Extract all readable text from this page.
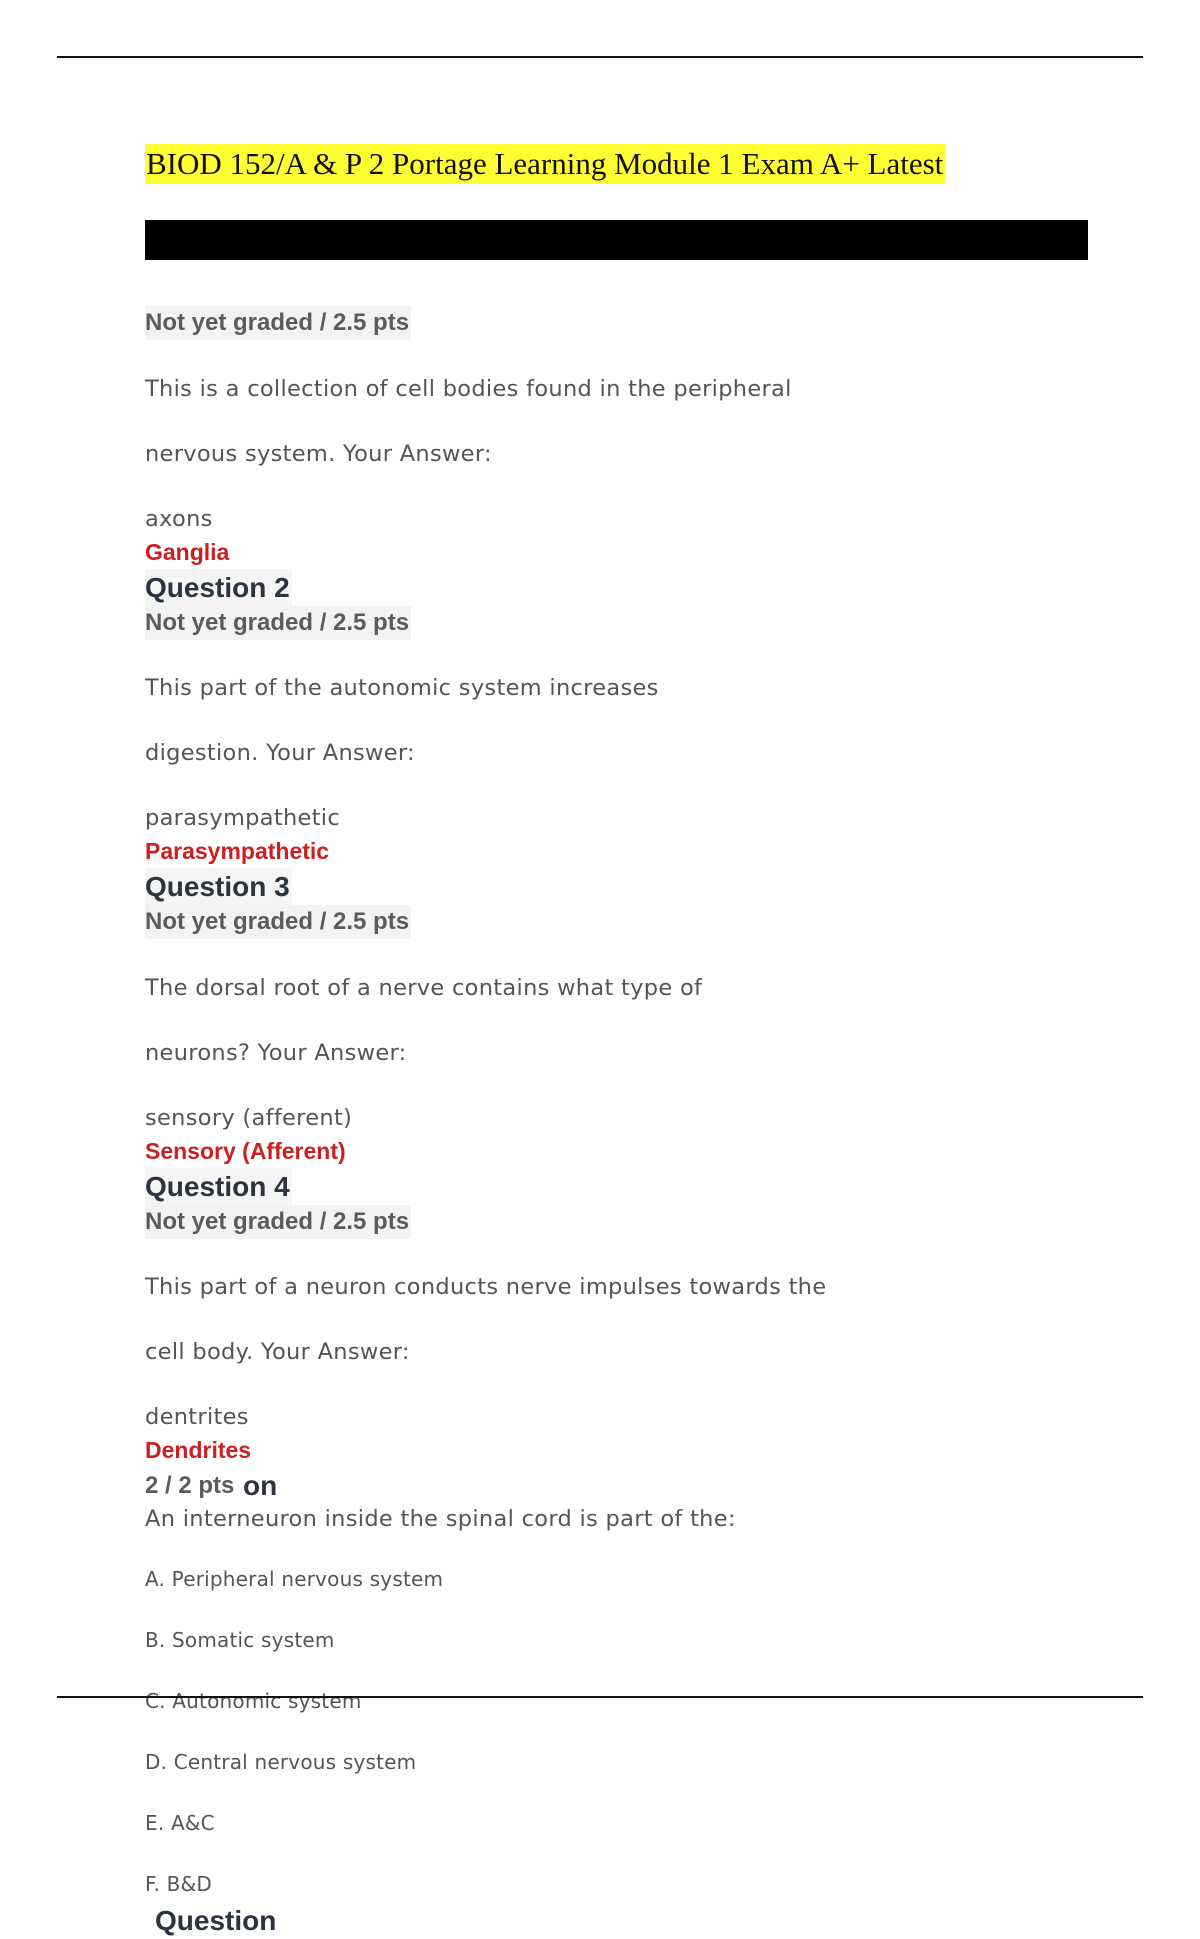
BIOD 152/A & P 2 Portage Learning Module 1 Exam A+ Latest
Not yet graded / 2.5 pts

This is a collection of cell bodies found in the peripheral

nervous system. Your Answer:

axons
Ganglia
Question 2
Not yet graded / 2.5 pts

This part of the autonomic system increases

digestion. Your Answer:

parasympathetic
Parasympathetic
Question 3
Not yet graded / 2.5 pts

The dorsal root of a nerve contains what type of

neurons? Your Answer:

sensory (afferent)
Sensory (Afferent)
Question 4
Not yet graded / 2.5 pts

This part of a neuron conducts nerve impulses towards the

cell body. Your Answer:

dentrites
Dendrites
2 / 2 pts on
An interneuron inside the spinal cord is part of the:
A. Peripheral nervous system
B. Somatic system
C. Autonomic system
D. Central nervous system
E. A&C
F. B&D
Question
